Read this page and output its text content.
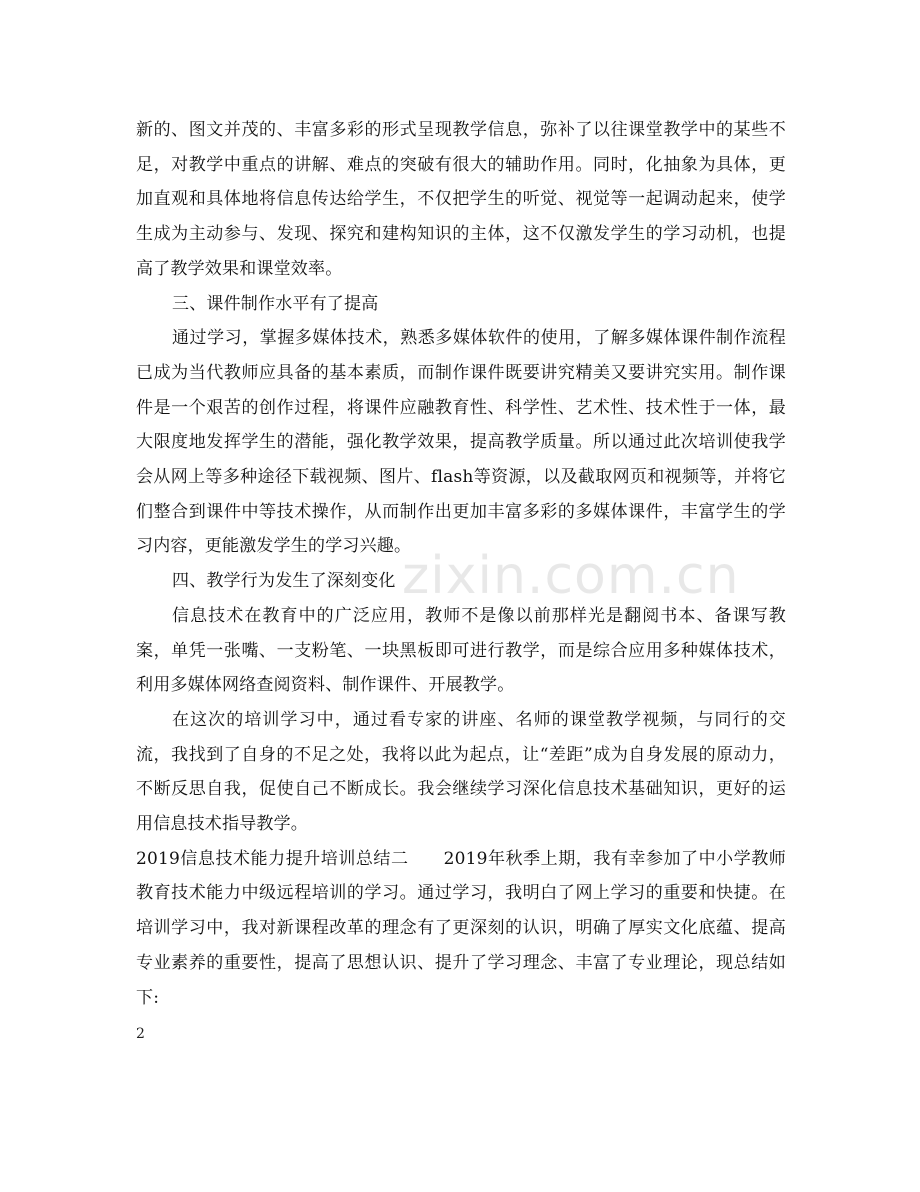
新的、图文并茂的、丰富多彩的形式呈现教学信息，弥补了以往课堂教学中的某些不足，对教学中重点的讲解、难点的突破有很大的辅助作用。同时，化抽象为具体，更加直观和具体地将信息传达给学生，不仅把学生的听觉、视觉等一起调动起来，使学生成为主动参与、发现、探究和建构知识的主体，这不仅激发学生的学习动机，也提高了教学效果和课堂效率。

三、课件制作水平有了提高

通过学习，掌握多媒体技术，熟悉多媒体软件的使用，了解多媒体课件制作流程已成为当代教师应具备的基本素质，而制作课件既要讲究精美又要讲究实用。制作课件是一个艰苦的创作过程，将课件应融教育性、科学性、艺术性、技术性于一体，最大限度地发挥学生的潜能，强化教学效果，提高教学质量。所以通过此次培训使我学会从网上等多种途径下载视频、图片、flash等资源，以及截取网页和视频等，并将它们整合到课件中等技术操作，从而制作出更加丰富多彩的多媒体课件，丰富学生的学习内容，更能激发学生的学习兴趣。

四、教学行为发生了深刻变化

信息技术在教育中的广泛应用，教师不是像以前那样光是翻阅书本、备课写教案，单凭一张嘴、一支粉笔、一块黑板即可进行教学，而是综合应用多种媒体技术，利用多媒体网络查阅资料、制作课件、开展教学。

在这次的培训学习中，通过看专家的讲座、名师的课堂教学视频，与同行的交流，我找到了自身的不足之处，我将以此为起点，让“差距”成为自身发展的原动力，不断反思自我，促使自己不断成长。我会继续学习深化信息技术基础知识，更好的运用信息技术指导教学。

2019信息技术能力提升培训总结二　　2019年秋季上期，我有幸参加了中小学教师教育技术能力中级远程培训的学习。通过学习，我明白了网上学习的重要和快捷。在培训学习中，我对新课程改革的理念有了更深刻的认识，明确了厚实文化底蕴、提高专业素养的重要性，提高了思想认识、提升了学习理念、丰富了专业理论，现总结如下:

zixin.com.cn
2
